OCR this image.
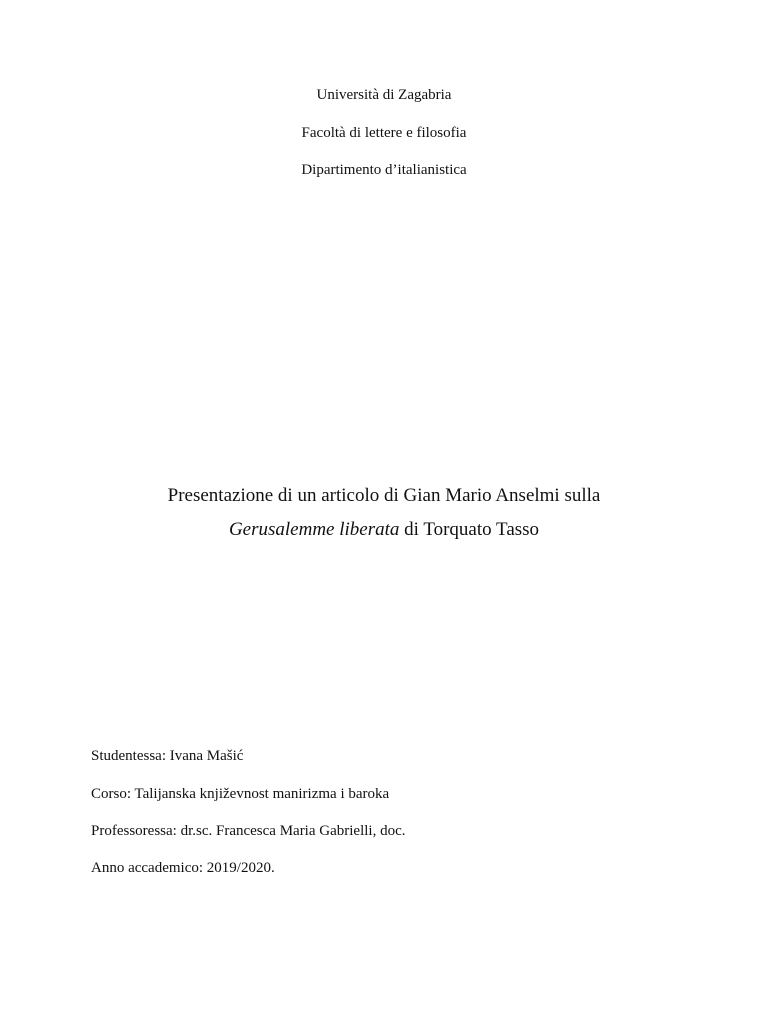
Università di Zagabria
Facoltà di lettere e filosofia
Dipartimento d’italianistica
Presentazione di un articolo di Gian Mario Anselmi sulla
Gerusalemme liberata di Torquato Tasso
Studentessa: Ivana Mašić
Corso: Talijanska književnost manirizma i baroka
Professoressa: dr.sc. Francesca Maria Gabrielli, doc.
Anno accademico: 2019/2020.
